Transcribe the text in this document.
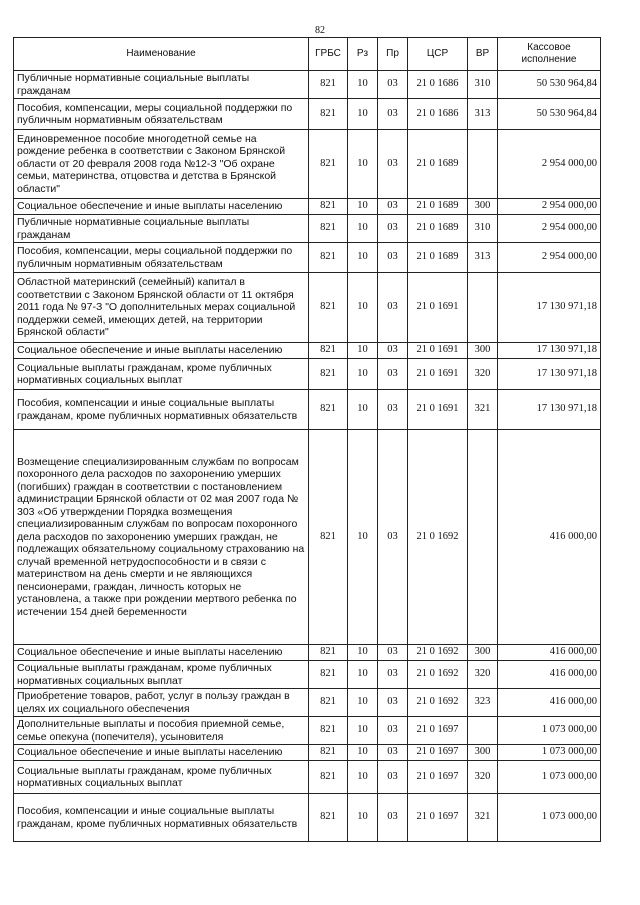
82
Наименование	ГРБС	Рз	Пр	ЦСР	ВР	Кассовое исполнение
Публичные нормативные социальные выплаты гражданам	821	10	03	21 0 1686	310	50 530 964,84
Пособия, компенсации, меры социальной поддержки по публичным нормативным обязательствам	821	10	03	21 0 1686	313	50 530 964,84
Единовременное пособие многодетной семье на рождение ребенка в соответствии с Законом Брянской области от 20 февраля 2008 года №12-З "Об охране семьи, материнства, отцовства и детства в Брянской области"	821	10	03	21 0 1689		2 954 000,00
Социальное обеспечение и иные выплаты населению	821	10	03	21 0 1689	300	2 954 000,00
Публичные нормативные социальные выплаты гражданам	821	10	03	21 0 1689	310	2 954 000,00
Пособия, компенсации, меры социальной поддержки по публичным нормативным обязательствам	821	10	03	21 0 1689	313	2 954 000,00
Областной материнский (семейный) капитал в соответствии с Законом Брянской области от 11 октября 2011 года № 97-З "О дополнительных мерах социальной поддержки семей, имеющих детей, на территории Брянской области"	821	10	03	21 0 1691		17 130 971,18
Социальное обеспечение и иные выплаты населению	821	10	03	21 0 1691	300	17 130 971,18
Социальные выплаты гражданам, кроме публичных нормативных социальных выплат	821	10	03	21 0 1691	320	17 130 971,18
Пособия, компенсации и иные социальные выплаты гражданам, кроме публичных нормативных обязательств	821	10	03	21 0 1691	321	17 130 971,18
Возмещение специализированным службам по вопросам похоронного дела расходов по захоронению умерших (погибших) граждан в соответствии с постановлением администрации Брянской области от 02 мая 2007 года № 303 «Об утверждении Порядка возмещения специализированным службам по вопросам похоронного дела расходов по захоронению умерших граждан, не подлежащих обязательному социальному страхованию на случай временной нетрудоспособности и в связи с материнством на день смерти и не являющихся пенсионерами, граждан, личность которых не установлена, а также при рождении мертвого ребенка по истечении 154 дней беременности	821	10	03	21 0 1692		416 000,00
Социальное обеспечение и иные выплаты населению	821	10	03	21 0 1692	300	416 000,00
Социальные выплаты гражданам, кроме публичных нормативных социальных выплат	821	10	03	21 0 1692	320	416 000,00
Приобретение товаров, работ, услуг в пользу граждан в целях их социального обеспечения	821	10	03	21 0 1692	323	416 000,00
Дополнительные выплаты и пособия приемной семье, семье опекуна (попечителя), усыновителя	821	10	03	21 0 1697		1 073 000,00
Социальное обеспечение и иные выплаты населению	821	10	03	21 0 1697	300	1 073 000,00
Социальные выплаты гражданам, кроме публичных нормативных социальных выплат	821	10	03	21 0 1697	320	1 073 000,00
Пособия, компенсации и иные социальные выплаты гражданам, кроме публичных нормативных обязательств	821	10	03	21 0 1697	321	1 073 000,00
